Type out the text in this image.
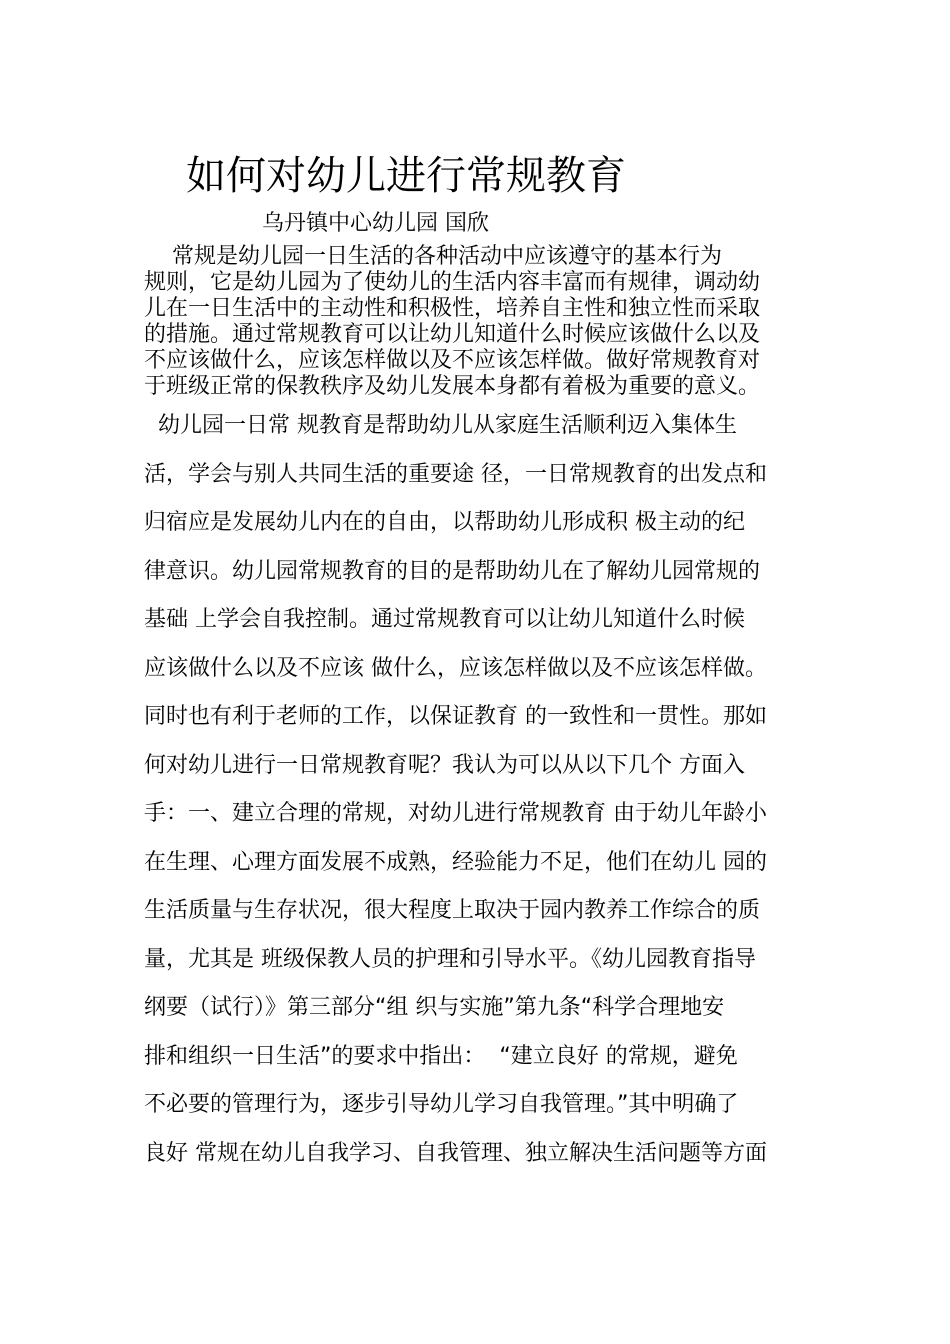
如何对幼儿进行常规教育
乌丹镇中心幼儿园 国欣

常规是幼儿园一日生活的各种活动中应该遵守的基本行为
规则，它是幼儿园为了使幼儿的生活内容丰富而有规律，调动幼
儿在一日生活中的主动性和积极性，培养自主性和独立性而采取
的措施。通过常规教育可以让幼儿知道什么时候应该做什么以及
不应该做什么，应该怎样做以及不应该怎样做。做好常规教育对
于班级正常的保教秩序及幼儿发展本身都有着极为重要的意义。

幼儿园一日常 规教育是帮助幼儿从家庭生活顺利迈入集体生
活，学会与别人共同生活的重要途 径，一日常规教育的出发点和
归宿应是发展幼儿内在的自由，以帮助幼儿形成积 极主动的纪
律意识。幼儿园常规教育的目的是帮助幼儿在了解幼儿园常规的
基础 上学会自我控制。通过常规教育可以让幼儿知道什么时候
应该做什么以及不应该 做什么，应该怎样做以及不应该怎样做。
同时也有利于老师的工作，以保证教育 的一致性和一贯性。那如
何对幼儿进行一日常规教育呢？我认为可以从以下几个 方面入
手：一、建立合理的常规，对幼儿进行常规教育 由于幼儿年龄小
在生理、心理方面发展不成熟，经验能力不足，他们在幼儿 园的
生活质量与生存状况，很大程度上取决于园内教养工作综合的质
量，尤其是 班级保教人员的护理和引导水平。《幼儿园教育指导
纲要（试行）》第三部分“组 织与实施”第九条“科学合理地安
排和组织一日生活”的要求中指出：  “建立良好 的常规，避免
不必要的管理行为，逐步引导幼儿学习自我管理。”其中明确了
良好 常规在幼儿自我学习、自我管理、独立解决生活问题等方面
